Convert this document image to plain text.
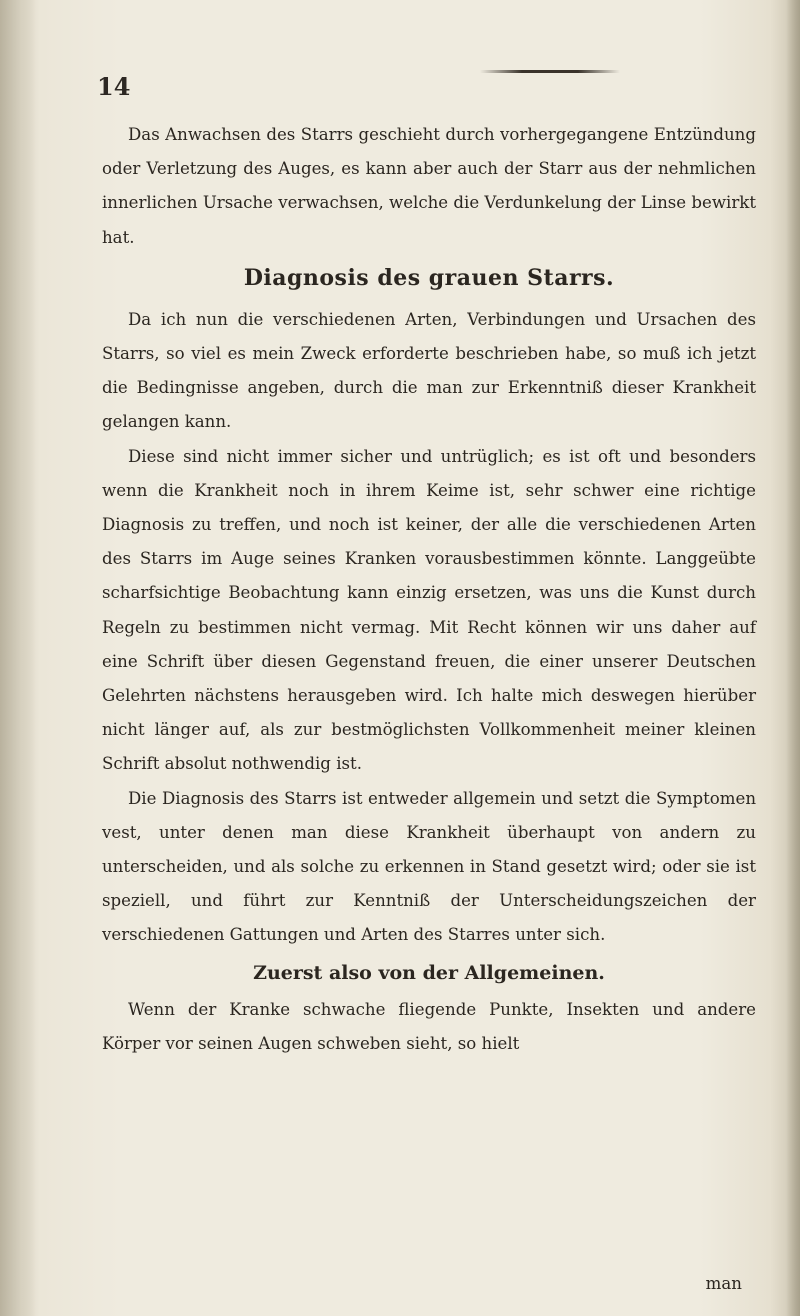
14

Das Anwachsen des Starrs geschieht durch vorhergegangene Entzündung oder Verletzung des Auges, es kann aber auch der Starr aus der nehmlichen innerlichen Ursache verwachsen, welche die Verdunkelung der Linse bewirkt hat.

Diagnosis des grauen Starrs.

Da ich nun die verschiedenen Arten, Verbindungen und Ursachen des Starrs, so viel es mein Zweck erforderte beschrieben habe, so muß ich jetzt die Bedingnisse angeben, durch die man zur Erkenntniß dieser Krankheit gelangen kann.

Diese sind nicht immer sicher und untrüglich; es ist oft und besonders wenn die Krankheit noch in ihrem Keime ist, sehr schwer eine richtige Diagnosis zu treffen, und noch ist keiner, der alle die verschiedenen Arten des Starrs im Auge seines Kranken vorausbestimmen könnte. Langgeübte scharfsichtige Beobachtung kann einzig ersetzen, was uns die Kunst durch Regeln zu bestimmen nicht vermag. Mit Recht können wir uns daher auf eine Schrift über diesen Gegenstand freuen, die einer unserer Deutschen Gelehrten nächstens herausgeben wird. Ich halte mich deswegen hierüber nicht länger auf, als zur bestmöglichsten Vollkommenheit meiner kleinen Schrift absolut nothwendig ist.

Die Diagnosis des Starrs ist entweder allgemein und setzt die Symptomen vest, unter denen man diese Krankheit überhaupt von andern zu unterscheiden, und als solche zu erkennen in Stand gesetzt wird; oder sie ist speziell, und führt zur Kenntniß der Unterscheidungszeichen der verschiedenen Gattungen und Arten des Starres unter sich.

Zuerst also von der Allgemeinen.

Wenn der Kranke schwache fliegende Punkte, Insekten und andere Körper vor seinen Augen schweben sieht, so hielt

man
